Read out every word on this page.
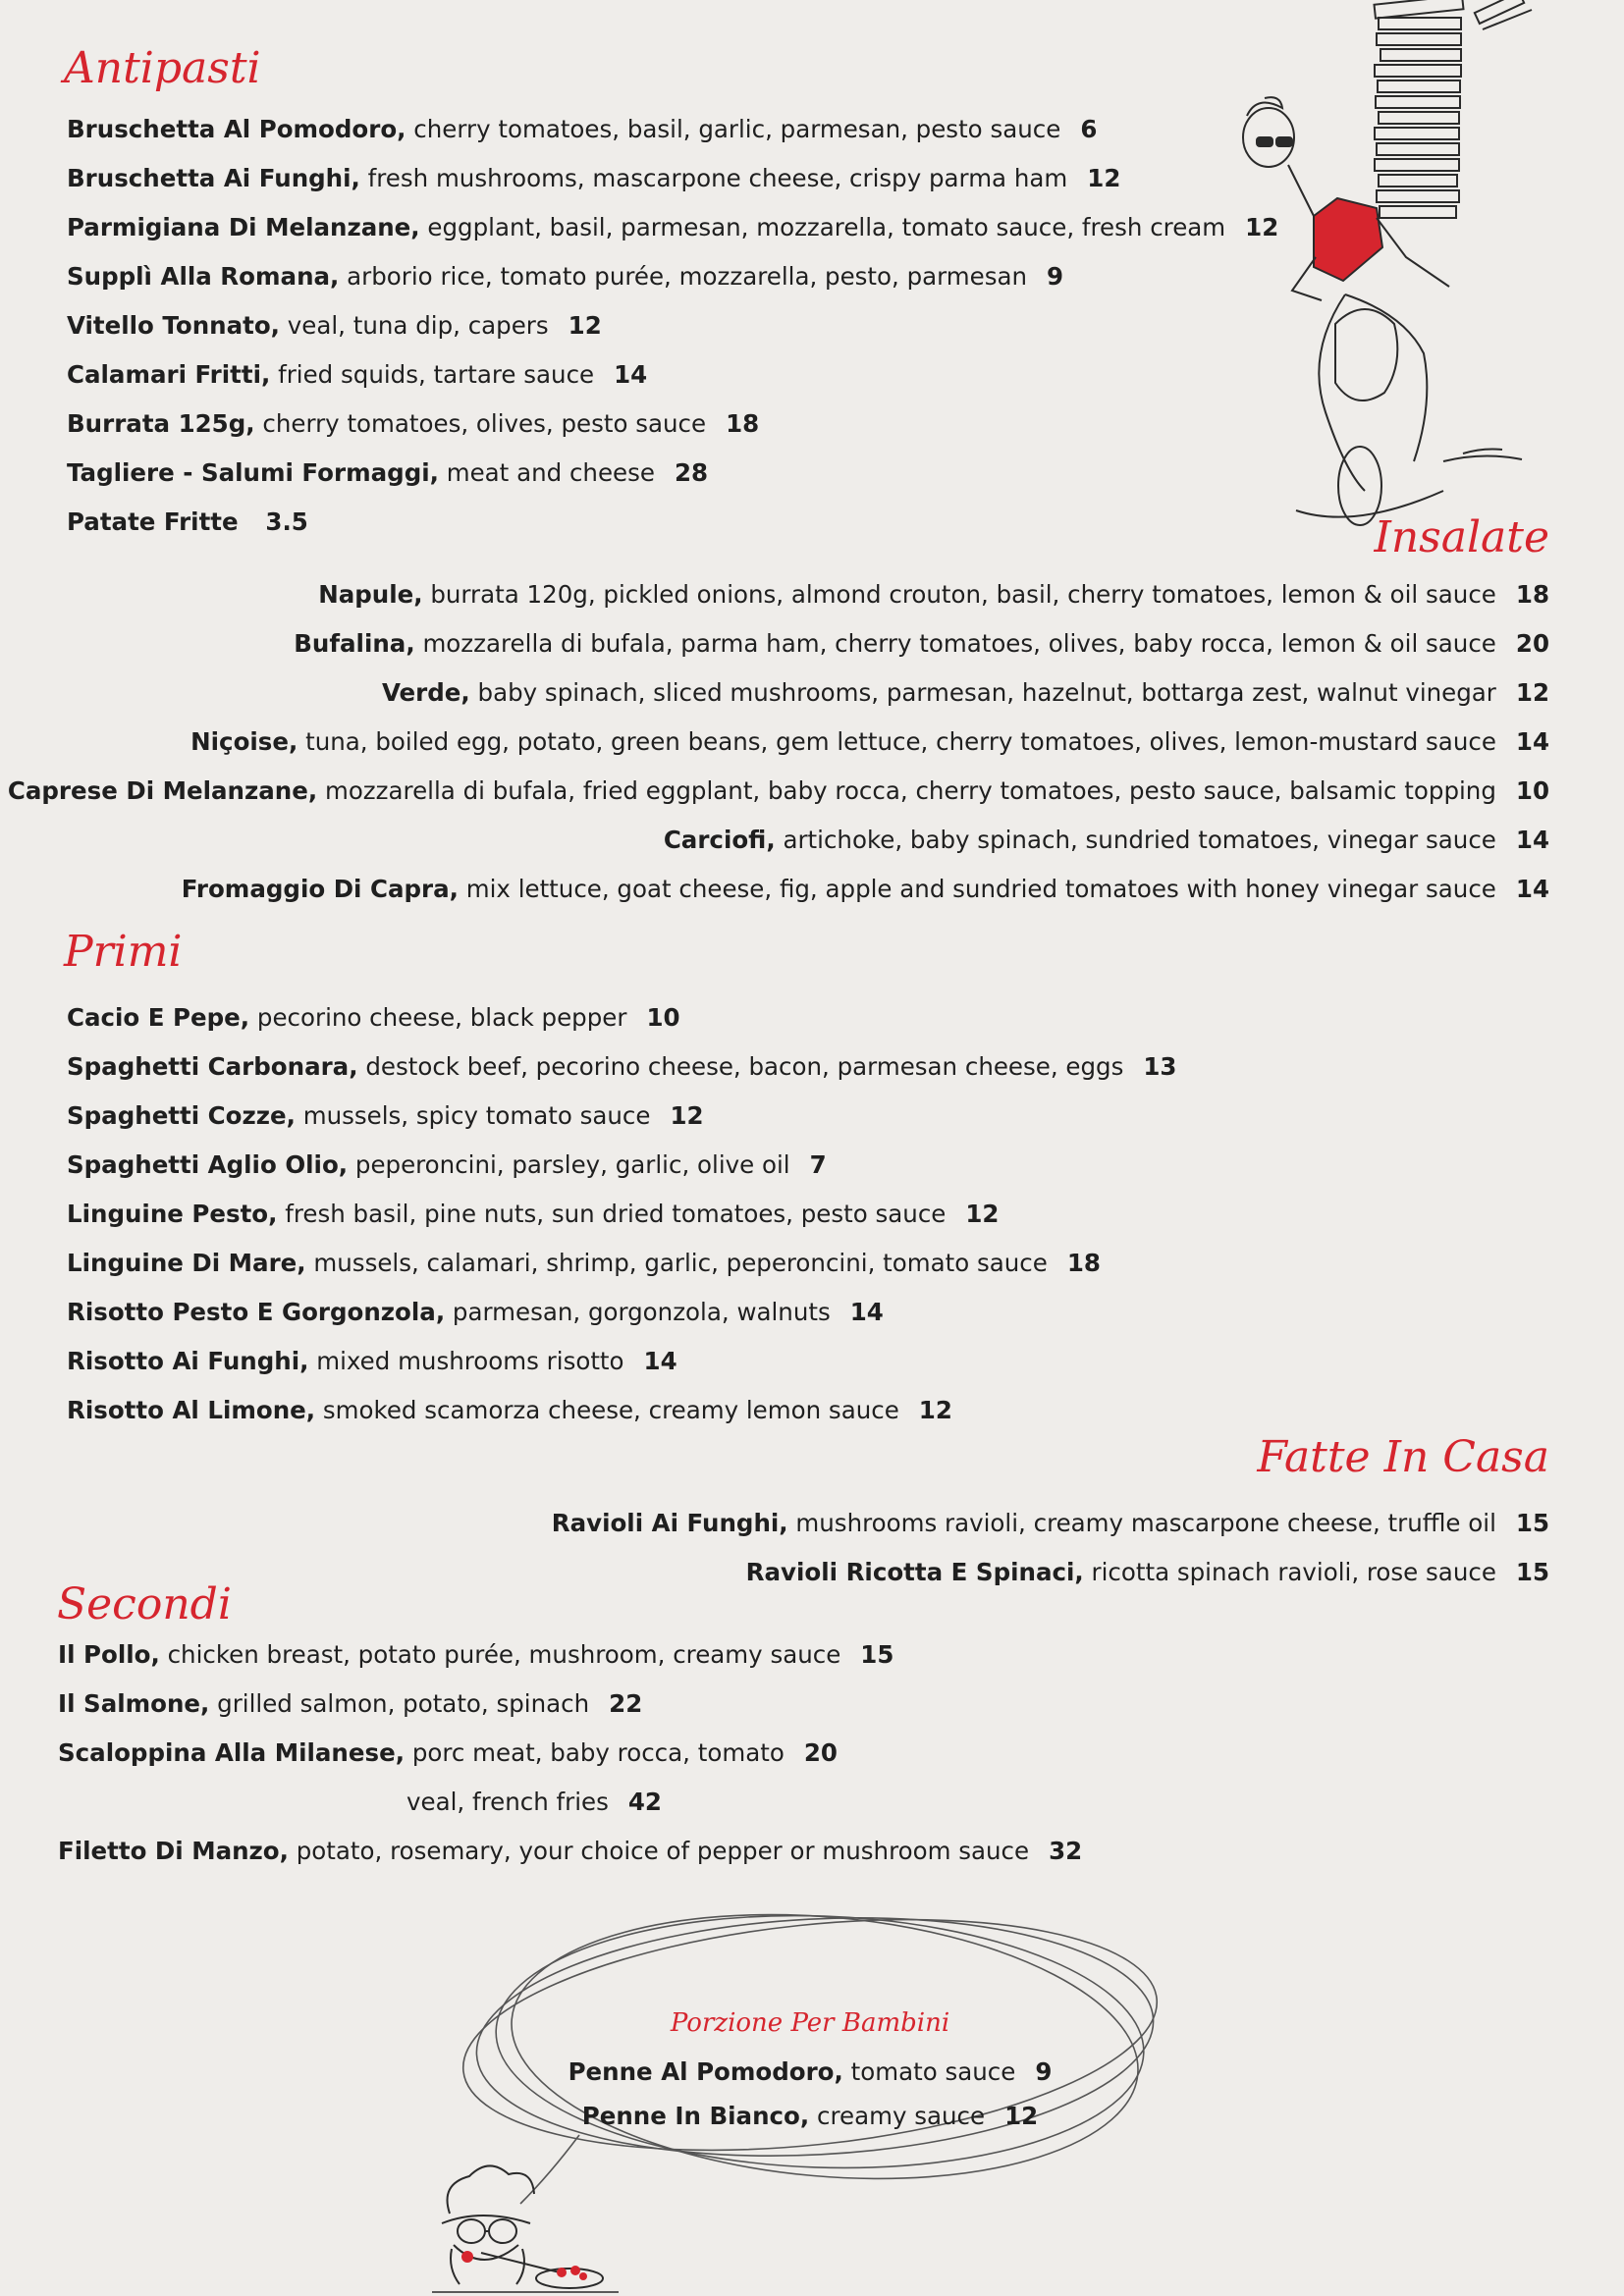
Antipasti
Bruschetta Al Pomodoro, cherry tomatoes, basil, garlic, parmesan, pesto sauce 6
Bruschetta Ai Funghi, fresh mushrooms, mascarpone cheese, crispy parma ham 12
Parmigiana Di Melanzane, eggplant, basil, parmesan, mozzarella, tomato sauce, fresh cream 12
Supplì Alla Romana, arborio rice, tomato purée, mozzarella, pesto, parmesan 9
Vitello Tonnato, veal, tuna dip, capers 12
Calamari Fritti, fried squids, tartare sauce 14
Burrata 125g, cherry tomatoes, olives, pesto sauce 18
Tagliere - Salumi Formaggi, meat and cheese 28
Patate Fritte 3.5	Insalate
Napule, burrata 120g, pickled onions, almond crouton, basil, cherry tomatoes, lemon & oil sauce 18
Bufalina, mozzarella di bufala, parma ham, cherry tomatoes, olives, baby rocca, lemon & oil sauce 20
Verde, baby spinach, sliced mushrooms, parmesan, hazelnut, bottarga zest, walnut vinegar 12
Niçoise, tuna, boiled egg, potato, green beans, gem lettuce, cherry tomatoes, olives, lemon-mustard sauce 14
Caprese Di Melanzane, mozzarella di bufala, fried eggplant, baby rocca, cherry tomatoes, pesto sauce, balsamic topping 10
Carciofi, artichoke, baby spinach, sundried tomatoes, vinegar sauce 14
Fromaggio Di Capra, mix lettuce, goat cheese, fig, apple and sundried tomatoes with honey vinegar sauce 14
Primi
Cacio E Pepe, pecorino cheese, black pepper 10
Spaghetti Carbonara, destock beef, pecorino cheese, bacon, parmesan cheese, eggs 13
Spaghetti Cozze, mussels, spicy tomato sauce 12
Spaghetti Aglio Olio, peperoncini, parsley, garlic, olive oil 7
Linguine Pesto, fresh basil, pine nuts, sun dried tomatoes, pesto sauce 12
Linguine Di Mare, mussels, calamari, shrimp, garlic, peperoncini, tomato sauce 18
Risotto Pesto E Gorgonzola, parmesan, gorgonzola, walnuts 14
Risotto Ai Funghi, mixed mushrooms risotto 14
Risotto Al Limone, smoked scamorza cheese, creamy lemon sauce 12
Fatte In Casa
Ravioli Ai Funghi, mushrooms ravioli, creamy mascarpone cheese, truffle oil 15
Ravioli Ricotta E Spinaci, ricotta spinach ravioli, rose sauce 15
Secondi
Il Pollo, chicken breast, potato purée, mushroom, creamy sauce 15
Il Salmone, grilled salmon, potato, spinach 22
Scaloppina Alla Milanese, porc meat, baby rocca, tomato 20
veal, french fries 42
Filetto Di Manzo, potato, rosemary, your choice of pepper or mushroom sauce 32
Porzione Per Bambini
Penne Al Pomodoro, tomato sauce 9
Penne In Bianco, creamy sauce 12
